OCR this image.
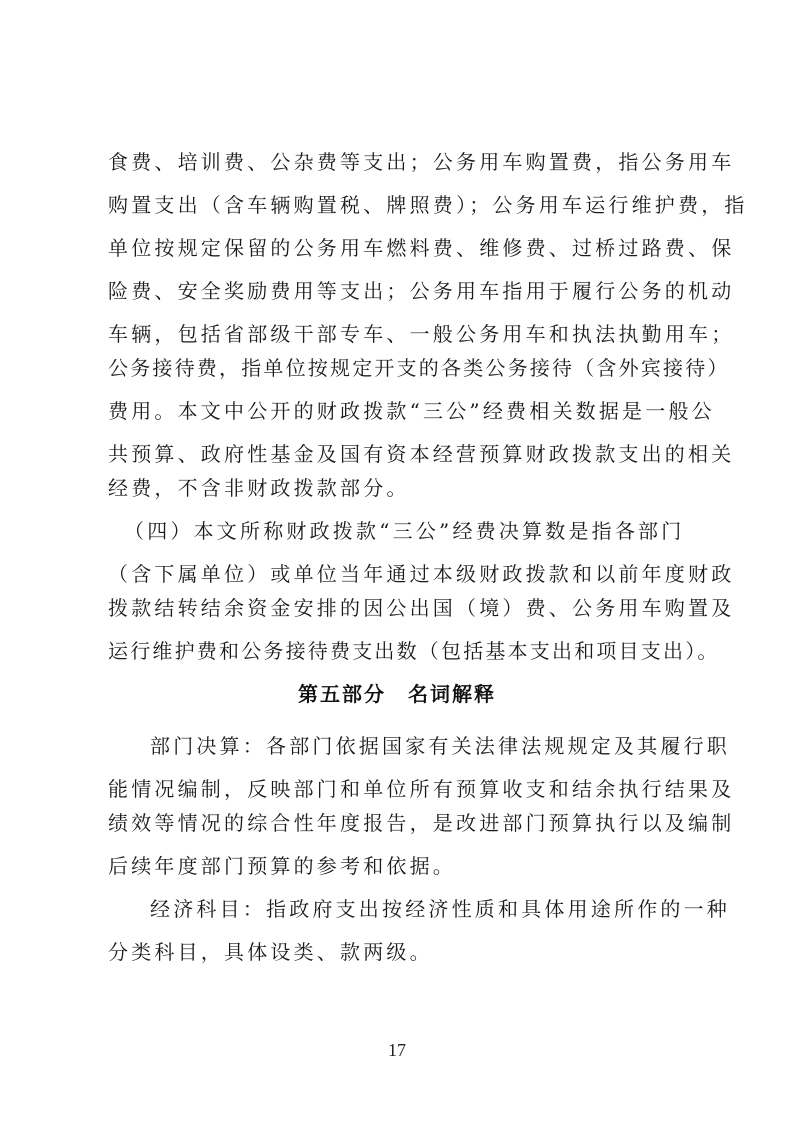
食费、培训费、公杂费等支出；公务用车购置费，指公务用车
购置支出（含车辆购置税、牌照费）；公务用车运行维护费，指
单位按规定保留的公务用车燃料费、维修费、过桥过路费、保
险费、安全奖励费用等支出；公务用车指用于履行公务的机动
车辆，包括省部级干部专车、一般公务用车和执法执勤用车；
公务接待费，指单位按规定开支的各类公务接待（含外宾接待）
费用。本文中公开的财政拨款“三公”经费相关数据是一般公
共预算、政府性基金及国有资本经营预算财政拨款支出的相关
经费，不含非财政拨款部分。
（四）本文所称财政拨款“三公”经费决算数是指各部门
（含下属单位）或单位当年通过本级财政拨款和以前年度财政
拨款结转结余资金安排的因公出国（境）费、公务用车购置及
运行维护费和公务接待费支出数（包括基本支出和项目支出）。
第五部分　名词解释
部门决算：各部门依据国家有关法律法规规定及其履行职
能情况编制，反映部门和单位所有预算收支和结余执行结果及
绩效等情况的综合性年度报告，是改进部门预算执行以及编制
后续年度部门预算的参考和依据。
经济科目：指政府支出按经济性质和具体用途所作的一种
分类科目，具体设类、款两级。
17
